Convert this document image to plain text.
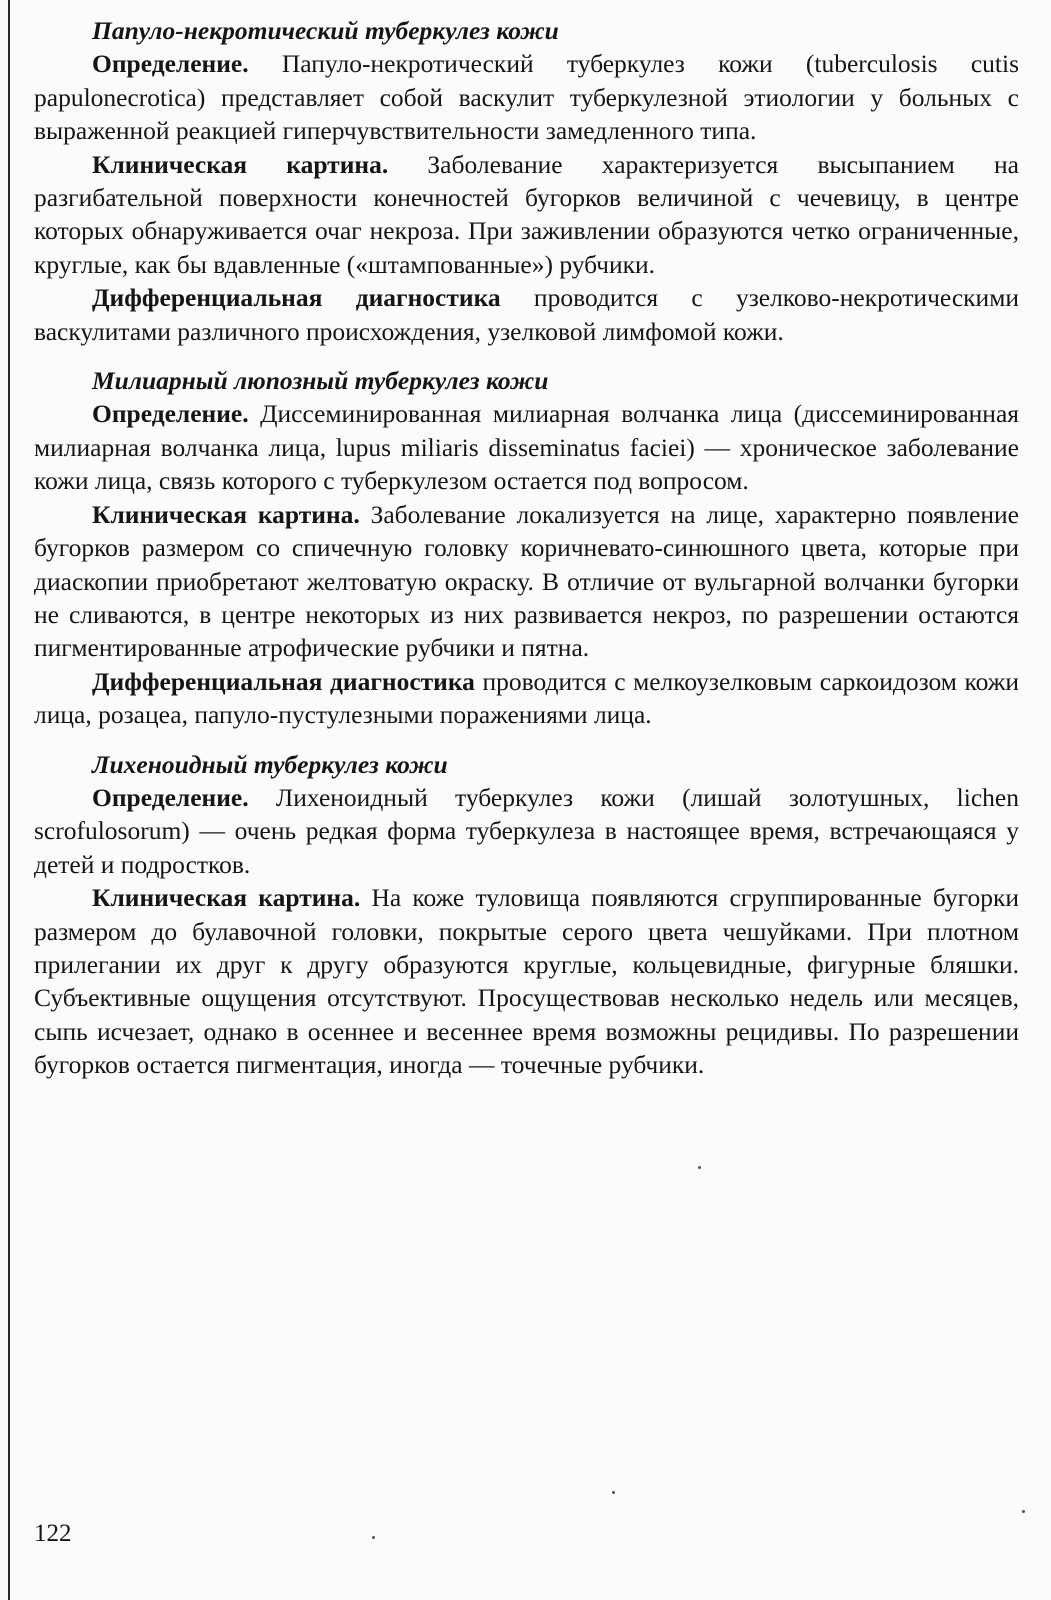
Папуло-некротический туберкулез кожи

Определение. Папуло-некротический туберкулез кожи (tuberculosis cutis papulonecrotica) представляет собой васкулит туберкулезной этиологии у больных с выраженной реакцией гиперчувствительности замедленного типа.

Клиническая картина. Заболевание характеризуется высыпанием на разгибательной поверхности конечностей бугорков величиной с чечевицу, в центре которых обнаруживается очаг некроза. При заживлении образуются четко ограниченные, круглые, как бы вдавленные («штампованные») рубчики.

Дифференциальная диагностика проводится с узелково-некротическими васкулитами различного происхождения, узелковой лимфомой кожи.

Милиарный люпозный туберкулез кожи

Определение. Диссеминированная милиарная волчанка лица (диссеминированная милиарная волчанка лица, lupus miliaris disseminatus faciei) — хроническое заболевание кожи лица, связь которого с туберкулезом остается под вопросом.

Клиническая картина. Заболевание локализуется на лице, характерно появление бугорков размером со спичечную головку коричневато-синюшного цвета, которые при диаскопии приобретают желтоватую окраску. В отличие от вульгарной волчанки бугорки не сливаются, в центре некоторых из них развивается некроз, по разрешении остаются пигментированные атрофические рубчики и пятна.

Дифференциальная диагностика проводится с мелкоузелковым саркоидозом кожи лица, розацеа, папуло-пустулезными поражениями лица.

Лихеноидный туберкулез кожи

Определение. Лихеноидный туберкулез кожи (лишай золотушных, lichen scrofulosorum) — очень редкая форма туберкулеза в настоящее время, встречающаяся у детей и подростков.

Клиническая картина. На коже туловища появляются сгруппированные бугорки размером до булавочной головки, покрытые серого цвета чешуйками. При плотном прилегании их друг к другу образуются круглые, кольцевидные, фигурные бляшки. Субъективные ощущения отсутствуют. Просуществовав несколько недель или месяцев, сыпь исчезает, однако в осеннее и весеннее время возможны рецидивы. По разрешении бугорков остается пигментация, иногда — точечные рубчики.

122
